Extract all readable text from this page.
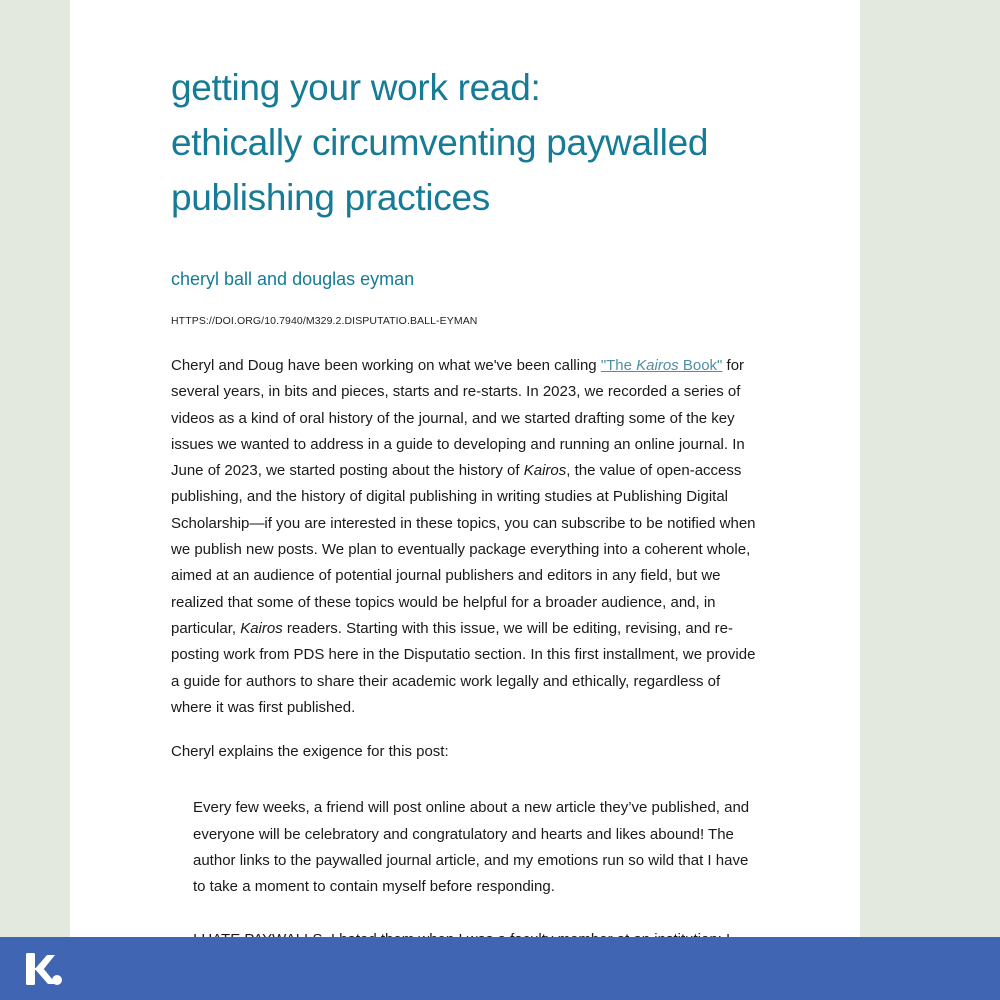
getting your work read:
ethically circumventing paywalled
publishing practices
cheryl ball and douglas eyman
HTTPS://DOI.ORG/10.7940/M329.2.DISPUTATIO.BALL-EYMAN

Cheryl and Doug have been working on what we've been calling "The Kairos Book" for several years, in bits and pieces, starts and re-starts. In 2023, we recorded a series of videos as a kind of oral history of the journal, and we started drafting some of the key issues we wanted to address in a guide to developing and running an online journal. In June of 2023, we started posting about the history of Kairos, the value of open-access publishing, and the history of digital publishing in writing studies at Publishing Digital Scholarship—if you are interested in these topics, you can subscribe to be notified when we publish new posts. We plan to eventually package everything into a coherent whole, aimed at an audience of potential journal publishers and editors in any field, but we realized that some of these topics would be helpful for a broader audience, and, in particular, Kairos readers. Starting with this issue, we will be editing, revising, and re-posting work from PDS here in the Disputatio section. In this first installment, we provide a guide for authors to share their academic work legally and ethically, regardless of where it was first published.

Cheryl explains the exigence for this post:

Every few weeks, a friend will post online about a new article they’ve published, and everyone will be celebratory and congratulatory and hearts and likes abound! The author links to the paywalled journal article, and my emotions run so wild that I have to take a moment to contain myself before responding.
